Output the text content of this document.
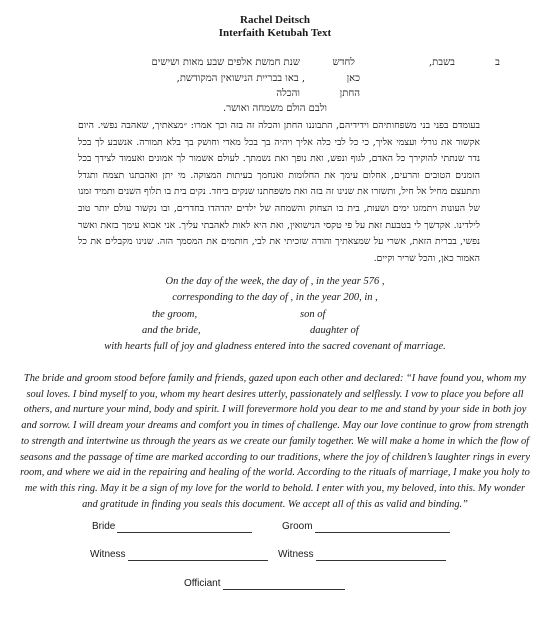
Rachel Deitsch
Interfaith Ketubah Text
ב
בשבת,
לחדש
שנת חמשת אלפים שבע מאות ושישים
כאן
, באו בבריית הנישואין המקודשת,
החתן
והכלה
ולבם הולם משמחה ואושר.
בעומדם בפני בני משפחותיהם וידידיהם, התבוננו החתן והכלה זה בזה וכך אמרו: ״מצאתיך, שאהבה נפשי. היום אקשור את גורלי ועצמי אליך, כי כל לבי כלה אליך ויהיה בך בכל מאדי וחושק בך בלא תמורה. אנשבע לך בכל נדר שנתתי להוקירך כל האדם, לגוף ונפש, ואת נופך ואת נשמתך. לעולם אשמור לך אמונים ואעמוד לצידך בכל הזמנים הטובים והרעים, אחלום עימך את החלומות ואנחמך בעיתות המצוקה. מי יתן ואהבתנו תצמח ותגדל ותתעצם מחיל אל חיל, ותשזרו את שנינו זה בזה ואת משפחתנו שנקים ביחד. נקים בית בו תלוף השנים ותמיד זמנו של העונות ויתמזגו ימים ושעות, בית בו הצחוק והשמחה של ילדים יהדהדו בחדרים, ובו נקשור עולם יותר טוב לילדינו. אקדשך לי בטבעת זאת על פי טקסי הנישואין, ואת היא לאות לאהבתי עליך. אני אבוא עימך בזאת ואשר נפשי, בברית הזאת, אשרי על שמצאתיך והודה שזכיתי את לבי, חותמים את המסמך הזה. שנינו מקבלים את כל האמור כאן, והכל שריר וקיים.
On the day of the week, the day of , in the year 576 ,
corresponding to the day of , in the year 200, in ,
the groom,	son of
and the bride,	daughter of
with hearts full of joy and gladness entered into the sacred covenant of marriage.
The bride and groom stood before family and friends, gazed upon each other and declared: “I have found you, whom my soul loves. I bind myself to you, whom my heart desires utterly, passionately and selflessly. I vow to place you before all others, and nurture your mind, body and spirit. I will forevermore hold you dear to me and stand by your side in both joy and sorrow. I will dream your dreams and comfort you in times of challenge. May our love continue to grow from strength to strength and intertwine us through the years as we create our family together. We will make a home in which the flow of seasons and the passage of time are marked according to our traditions, where the joy of children’s laughter rings in every room, and where we aid in the repairing and healing of the world. According to the rituals of marriage, I make you holy to me with this ring. May it be a sign of my love for the world to behold. I enter with you, my beloved, into this. My wonder and gratitude in finding you seals this document. We accept all of this as valid and binding.”
Bride	Groom
Witness	Witness
Officiant
